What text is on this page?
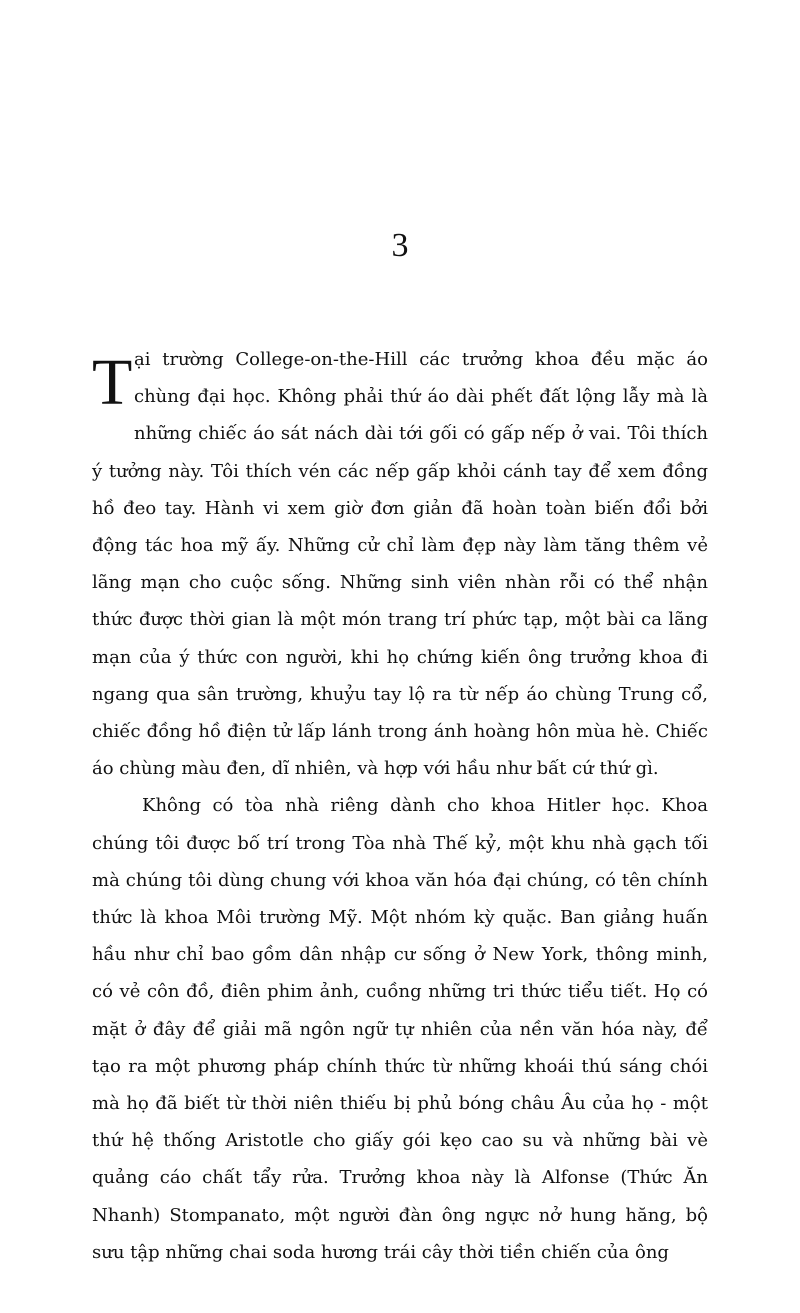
3

Tại trường College-on-the-Hill các trưởng khoa đều mặc áo chùng đại học. Không phải thứ áo dài phết đất lộng lẫy mà là những chiếc áo sát nách dài tới gối có gấp nếp ở vai. Tôi thích ý tưởng này. Tôi thích vén các nếp gấp khỏi cánh tay để xem đồng hồ đeo tay. Hành vi xem giờ đơn giản đã hoàn toàn biến đổi bởi động tác hoa mỹ ấy. Những cử chỉ làm đẹp này làm tăng thêm vẻ lãng mạn cho cuộc sống. Những sinh viên nhàn rỗi có thể nhận thức được thời gian là một món trang trí phức tạp, một bài ca lãng mạn của ý thức con người, khi họ chứng kiến ông trưởng khoa đi ngang qua sân trường, khuỷu tay lộ ra từ nếp áo chùng Trung cổ, chiếc đồng hồ điện tử lấp lánh trong ánh hoàng hôn mùa hè. Chiếc áo chùng màu đen, dĩ nhiên, và hợp với hầu như bất cứ thứ gì.

Không có tòa nhà riêng dành cho khoa Hitler học. Khoa chúng tôi được bố trí trong Tòa nhà Thế kỷ, một khu nhà gạch tối mà chúng tôi dùng chung với khoa văn hóa đại chúng, có tên chính thức là khoa Môi trường Mỹ. Một nhóm kỳ quặc. Ban giảng huấn hầu như chỉ bao gồm dân nhập cư sống ở New York, thông minh, có vẻ côn đồ, điên phim ảnh, cuồng những tri thức tiểu tiết. Họ có mặt ở đây để giải mã ngôn ngữ tự nhiên của nền văn hóa này, để tạo ra một phương pháp chính thức từ những khoái thú sáng chói mà họ đã biết từ thời niên thiếu bị phủ bóng châu Âu của họ - một thứ hệ thống Aristotle cho giấy gói kẹo cao su và những bài vè quảng cáo chất tẩy rửa. Trưởng khoa này là Alfonse (Thức Ăn Nhanh) Stompanato, một người đàn ông ngực nở hung hăng, bộ sưu tập những chai soda hương trái cây thời tiền chiến của ông
